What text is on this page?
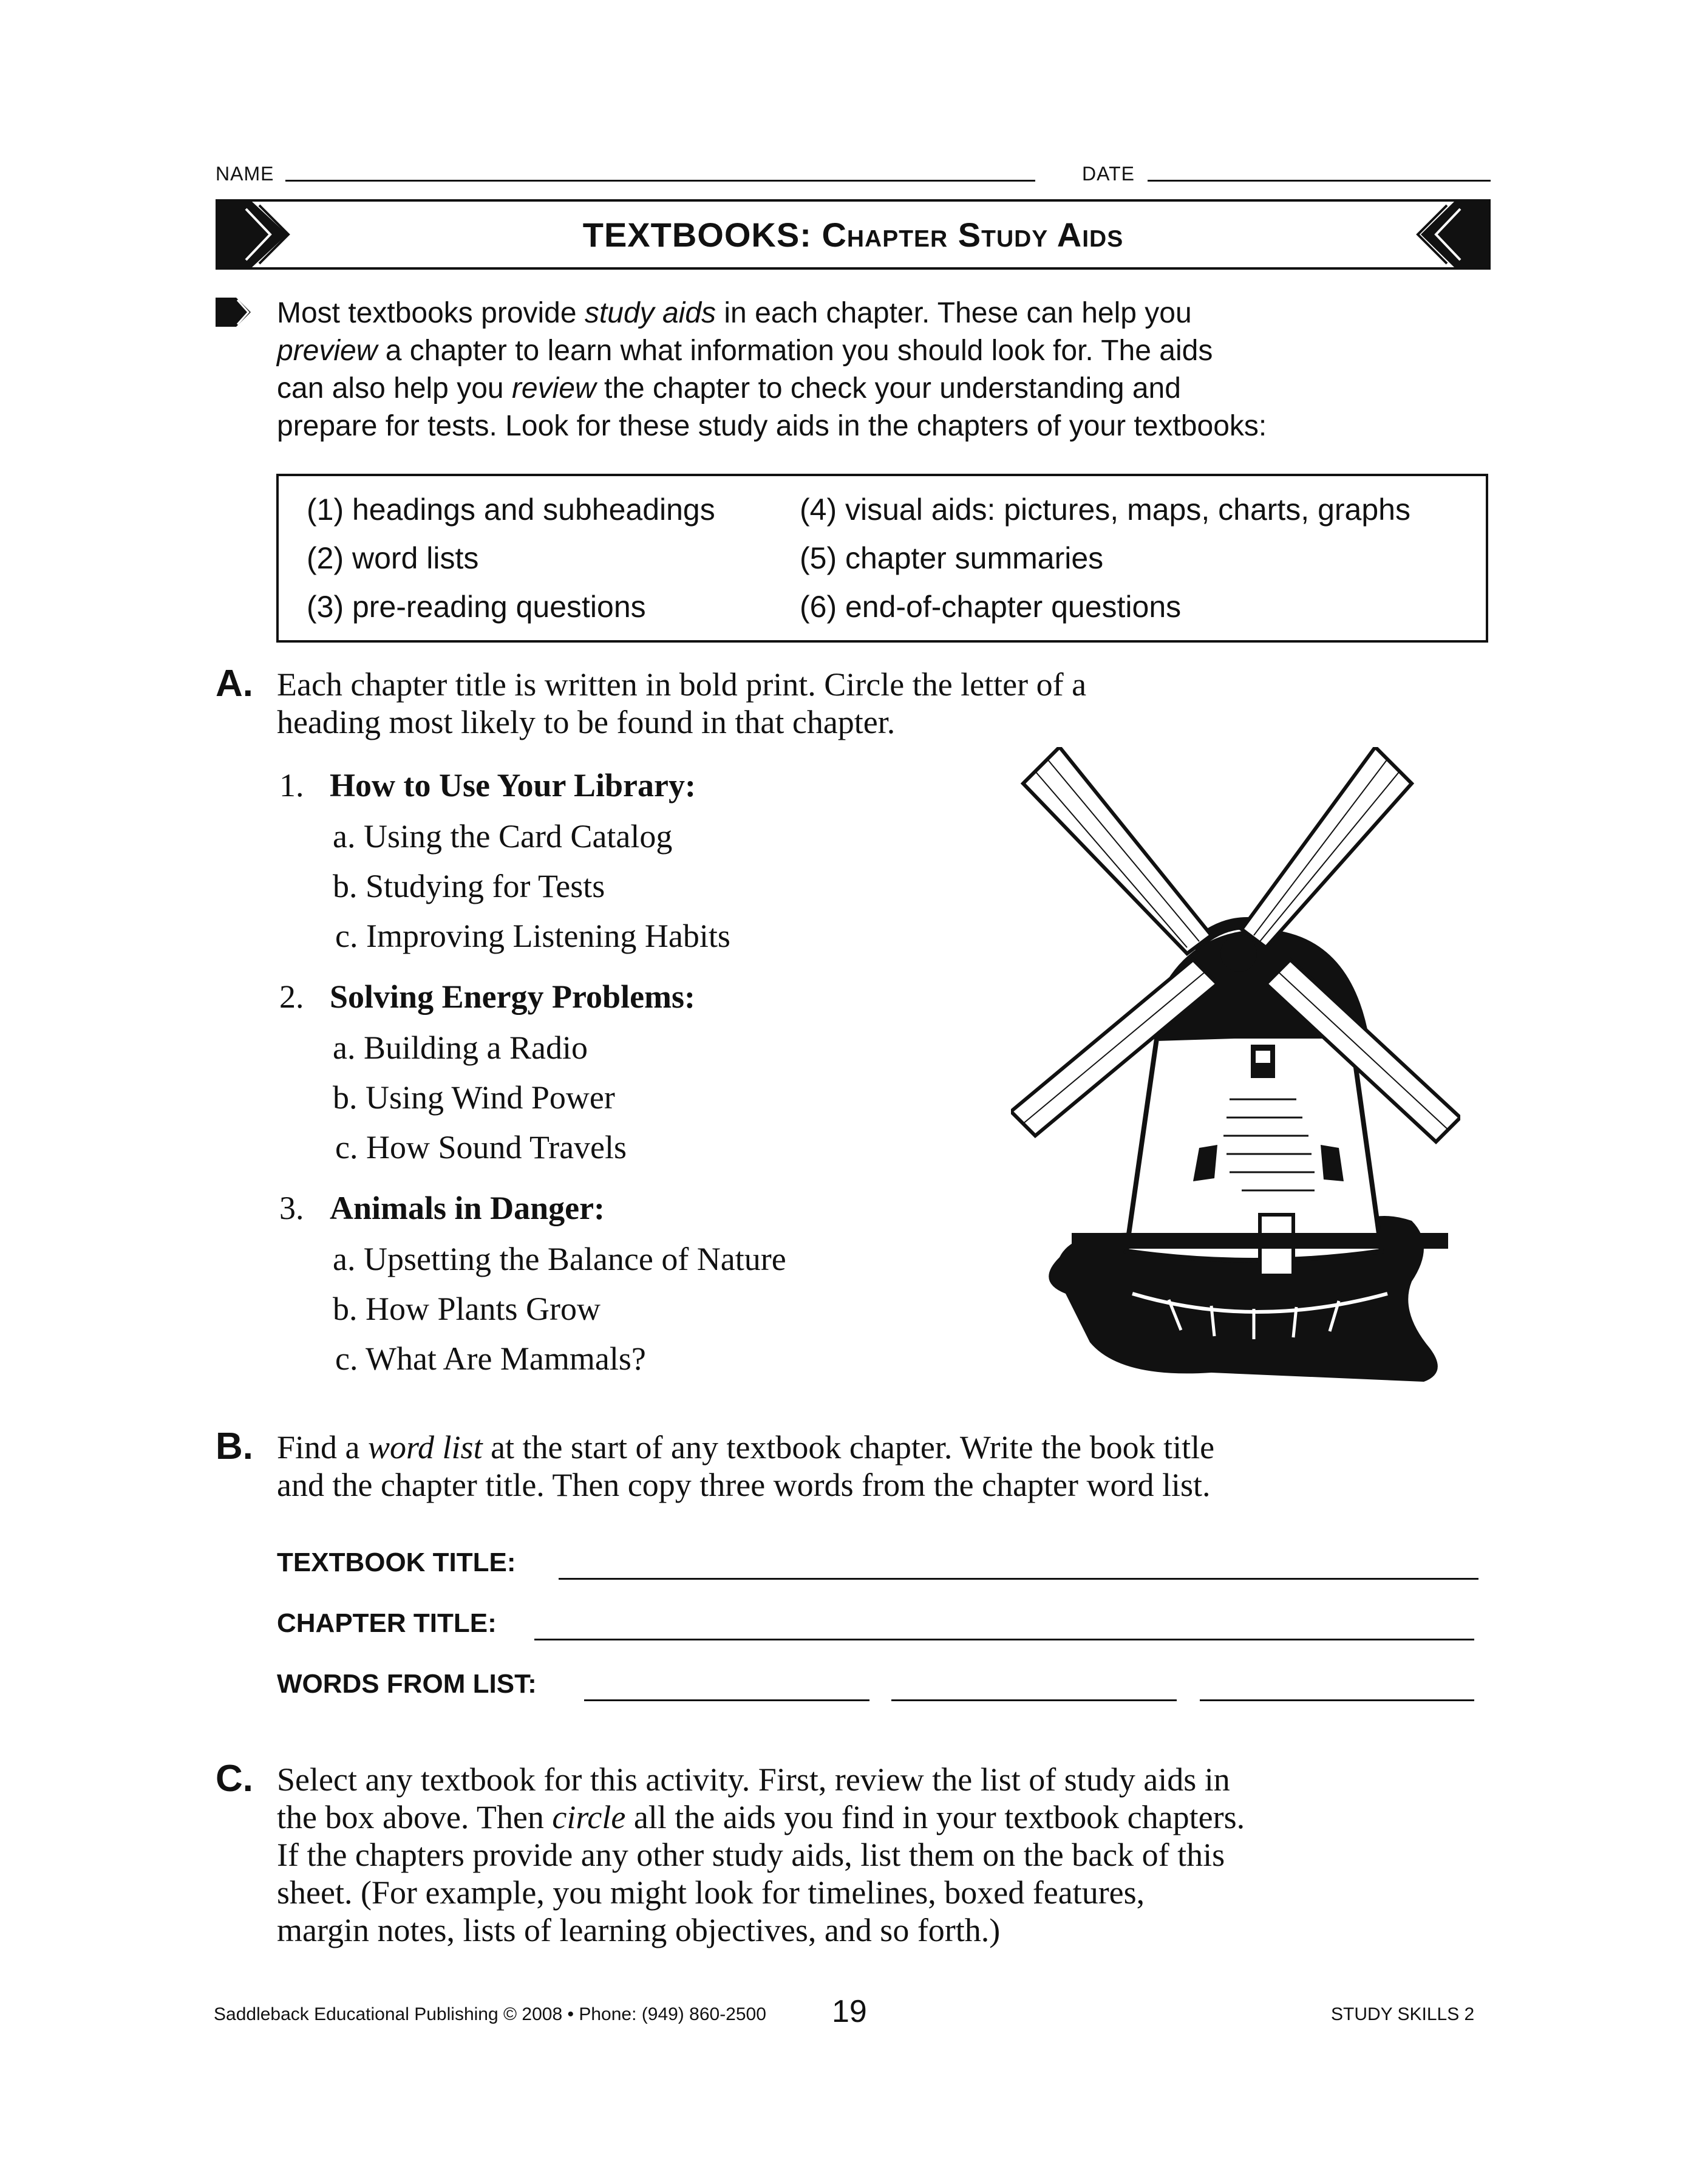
NAME	DATE
TEXTBOOKS: Chapter Study Aids

Most textbooks provide study aids in each chapter. These can help you

preview a chapter to learn what information you should look for. The aids

can also help you review the chapter to check your understanding and

prepare for tests. Look for these study aids in the chapters of your textbooks:

(1) headings and subheadings
(2) word lists
(3) pre-reading questions
(4) visual aids: pictures, maps, charts, graphs
(5) chapter summaries
(6) end-of-chapter questions
A. Each chapter title is written in bold print. Circle the letter of a
heading most likely to be found in that chapter.
1. How to Use Your Library:
a. Using the Card Catalog
b. Studying for Tests
c. Improving Listening Habits
2. Solving Energy Problems:
a. Building a Radio
b. Using Wind Power
c. How Sound Travels
3. Animals in Danger:
a. Upsetting the Balance of Nature
b. How Plants Grow
c. What Are Mammals?
B. Find a word list at the start of any textbook chapter. Write the book title
and the chapter title. Then copy three words from the chapter word list.
TEXTBOOK TITLE:
CHAPTER TITLE:
WORDS FROM LIST:
C. Select any textbook for this activity. First, review the list of study aids in
the box above. Then circle all the aids you find in your textbook chapters.
If the chapters provide any other study aids, list them on the back of this
sheet. (For example, you might look for timelines, boxed features,
margin notes, lists of learning objectives, and so forth.)
Saddleback Educational Publishing © 2008 • Phone: (949) 860-2500 19	STUDY SKILLS 2
